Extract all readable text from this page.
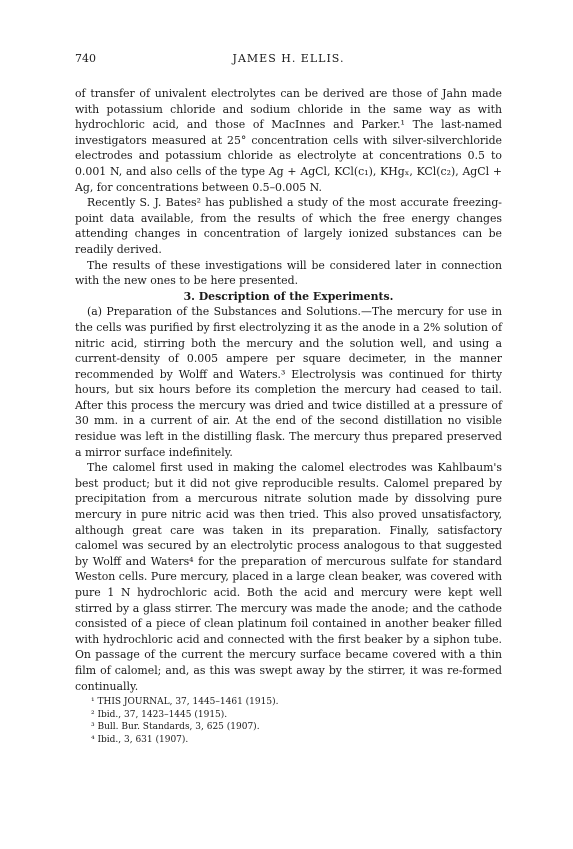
740	JAMES H. ELLIS.

of transfer of univalent electrolytes can be derived are those of Jahn made with potassium chloride and sodium chloride in the same way as with hydrochloric acid, and those of MacInnes and Parker.¹ The last-named investigators measured at 25° concentration cells with silver-silverchloride electrodes and potassium chloride as electrolyte at concentrations 0.5 to 0.001 N, and also cells of the type Ag + AgCl, KCl(c₁), KHgₓ, KCl(c₂), AgCl + Ag, for concentrations between 0.5–0.005 N.

Recently S. J. Bates² has published a study of the most accurate freezing-point data available, from the results of which the free energy changes attending changes in concentration of largely ionized substances can be readily derived.

The results of these investigations will be considered later in connection with the new ones to be here presented.

3. Description of the Experiments.

(a) Preparation of the Substances and Solutions.—The mercury for use in the cells was purified by first electrolyzing it as the anode in a 2% solution of nitric acid, stirring both the mercury and the solution well, and using a current-density of 0.005 ampere per square decimeter, in the manner recommended by Wolff and Waters.³ Electrolysis was continued for thirty hours, but six hours before its completion the mercury had ceased to tail. After this process the mercury was dried and twice distilled at a pressure of 30 mm. in a current of air. At the end of the second distillation no visible residue was left in the distilling flask. The mercury thus prepared preserved a mirror surface indefinitely.

The calomel first used in making the calomel electrodes was Kahlbaum's best product; but it did not give reproducible results. Calomel prepared by precipitation from a mercurous nitrate solution made by dissolving pure mercury in pure nitric acid was then tried. This also proved unsatisfactory, although great care was taken in its preparation. Finally, satisfactory calomel was secured by an electrolytic process analogous to that suggested by Wolff and Waters⁴ for the preparation of mercurous sulfate for standard Weston cells. Pure mercury, placed in a large clean beaker, was covered with pure 1 N hydrochloric acid. Both the acid and mercury were kept well stirred by a glass stirrer. The mercury was made the anode; and the cathode consisted of a piece of clean platinum foil contained in another beaker filled with hydrochloric acid and connected with the first beaker by a siphon tube. On passage of the current the mercury surface became covered with a thin film of calomel; and, as this was swept away by the stirrer, it was re-formed continually.

¹ THIS JOURNAL, 37, 1445–1461 (1915).
² Ibid., 37, 1423–1445 (1915).
³ Bull. Bur. Standards, 3, 625 (1907).
⁴ Ibid., 3, 631 (1907).
